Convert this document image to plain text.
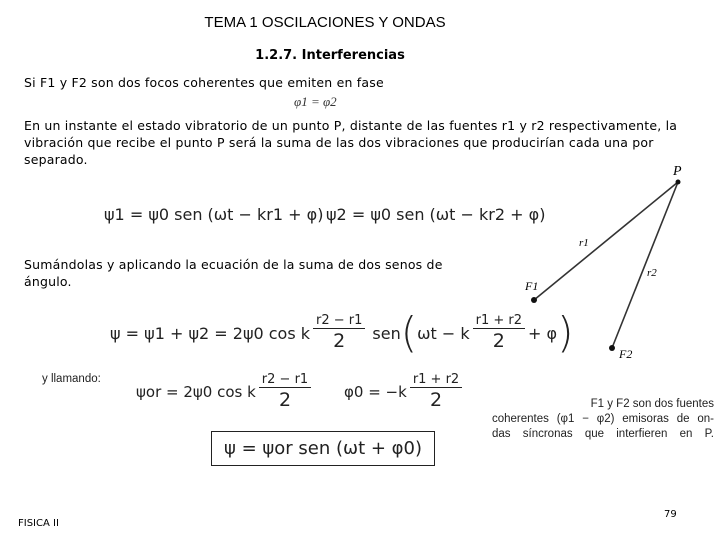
TEMA 1 OSCILACIONES Y ONDAS
1.2.7. Interferencias
Si F1 y F2 son dos focos coherentes que emiten en fase
φ1 = φ2
En un instante el estado vibratorio de un punto P, distante de las fuentes r1 y r2 respectivamente, la vibración que recibe el punto P será la suma de las dos vibraciones que producirían cada una por separado.
ψ1 = ψ0 sen (ωt − kr1 + φ) ψ2 = ψ0 sen (ωt − kr2 + φ)
Sumándolas y aplicando la ecuación de la suma de dos senos de ángulo.
ψ = ψ1 + ψ2 = 2ψ0 cos k $\frac{r2 - r1}{2}$ sen ( ωt − k $\frac{r1 + r2}{2} + \varphi$ )
y llamando:
ψor = 2ψ0 cos k $\frac{r2 - r1}{2} \varphi 0 = -k \frac{r1 + r2}{2}$
ψ = ψor sen (ωt + φ0)
P
r1
r2
F1
F2
F1 y F2 son dos fuentes
coherentes (φ1 − φ2) emisoras de on-
das síncronas que interfieren en P.
FISICA II
79
